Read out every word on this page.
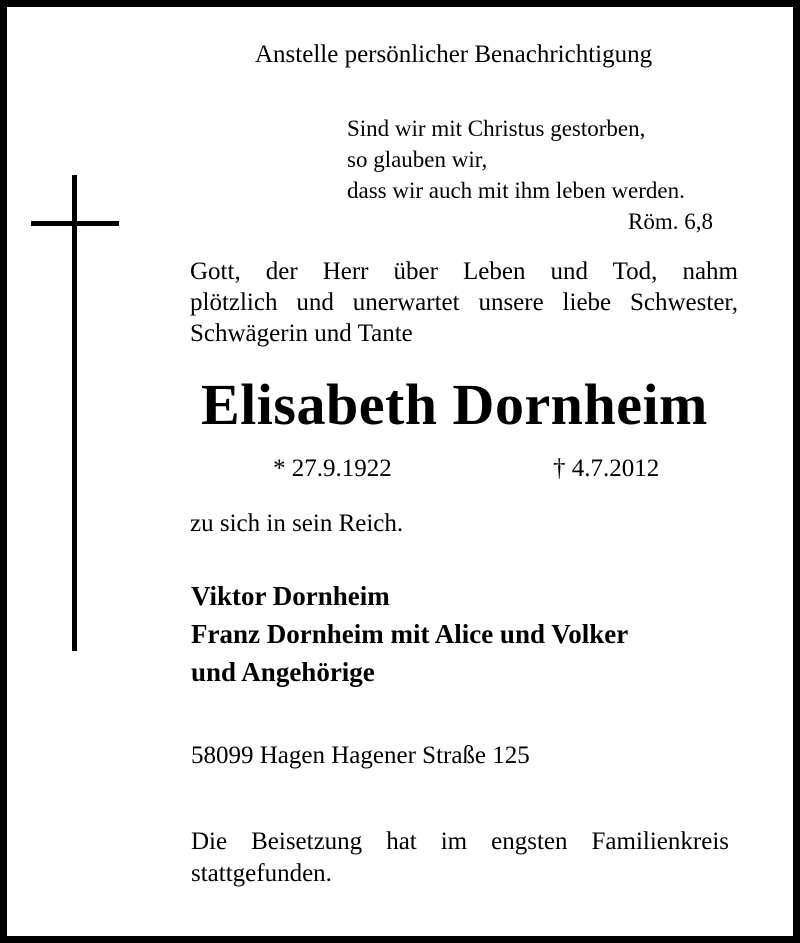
Anstelle persönlicher Benachrichtigung
Sind wir mit Christus gestorben,
so glauben wir,
dass wir auch mit ihm leben werden.
Röm. 6,8
Gott, der Herr über Leben und Tod, nahm
plötzlich und unerwartet unsere liebe Schwester,
Schwägerin und Tante
Elisabeth Dornheim
* 27.9.1922	† 4.7.2012
zu sich in sein Reich.
Viktor Dornheim
Franz Dornheim mit Alice und Volker
und Angehörige
58099 Hagen Hagener Straße 125
Die Beisetzung hat im engsten Familienkreis
stattgefunden.
